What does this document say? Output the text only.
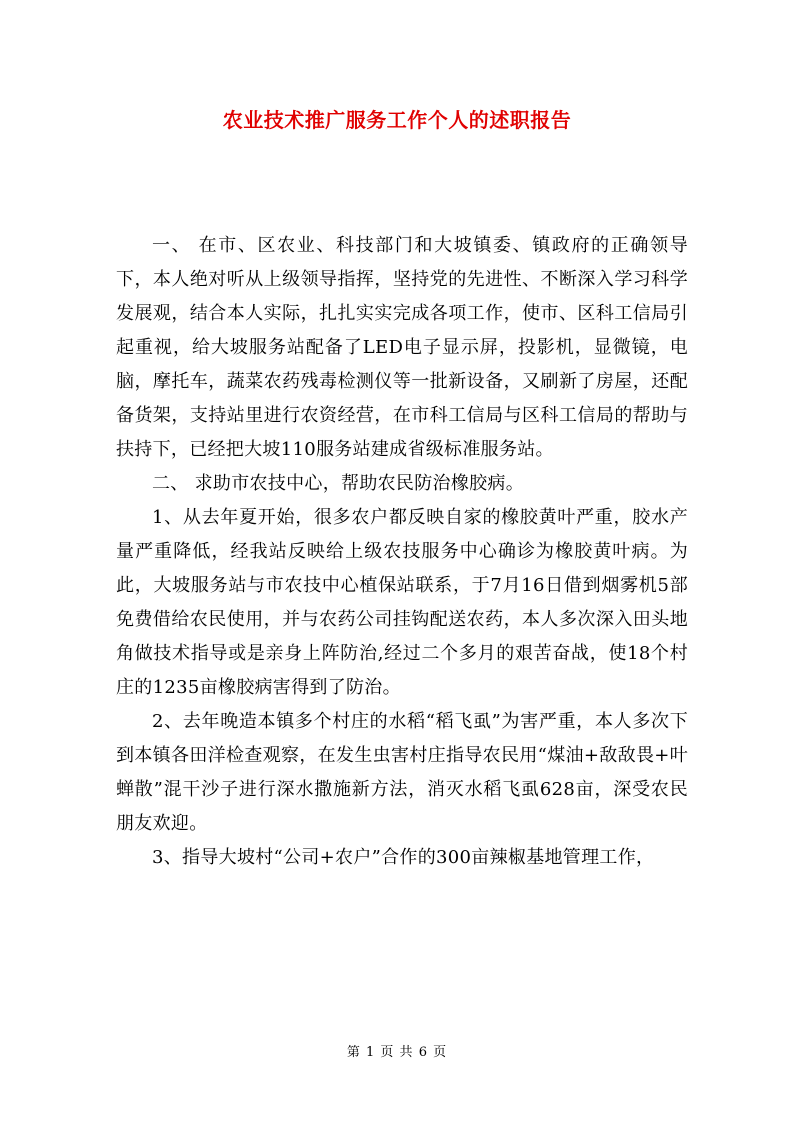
农业技术推广服务工作个人的述职报告

一、 在市、区农业、科技部门和大坡镇委、镇政府的正确领导下，本人绝对听从上级领导指挥，坚持党的先进性、不断深入学习科学发展观，结合本人实际，扎扎实实完成各项工作，使市、区科工信局引起重视，给大坡服务站配备了LED电子显示屏，投影机，显微镜，电脑，摩托车，蔬菜农药残毒检测仪等一批新设备，又刷新了房屋，还配备货架，支持站里进行农资经营，在市科工信局与区科工信局的帮助与扶持下，已经把大坡110服务站建成省级标准服务站。

二、 求助市农技中心，帮助农民防治橡胶病。

1、从去年夏开始，很多农户都反映自家的橡胶黄叶严重，胶水产量严重降低，经我站反映给上级农技服务中心确诊为橡胶黄叶病。为此，大坡服务站与市农技中心植保站联系，于7月16日借到烟雾机5部免费借给农民使用，并与农药公司挂钩配送农药，本人多次深入田头地角做技术指导或是亲身上阵防治,经过二个多月的艰苦奋战，使18个村庄的1235亩橡胶病害得到了防治。

2、去年晚造本镇多个村庄的水稻“稻飞虱”为害严重，本人多次下到本镇各田洋检查观察，在发生虫害村庄指导农民用“煤油+敌敌畏+叶蝉散”混干沙子进行深水撒施新方法，消灭水稻飞虱628亩，深受农民朋友欢迎。

3、指导大坡村“公司+农户”合作的300亩辣椒基地管理工作，

第 1 页 共 6 页
